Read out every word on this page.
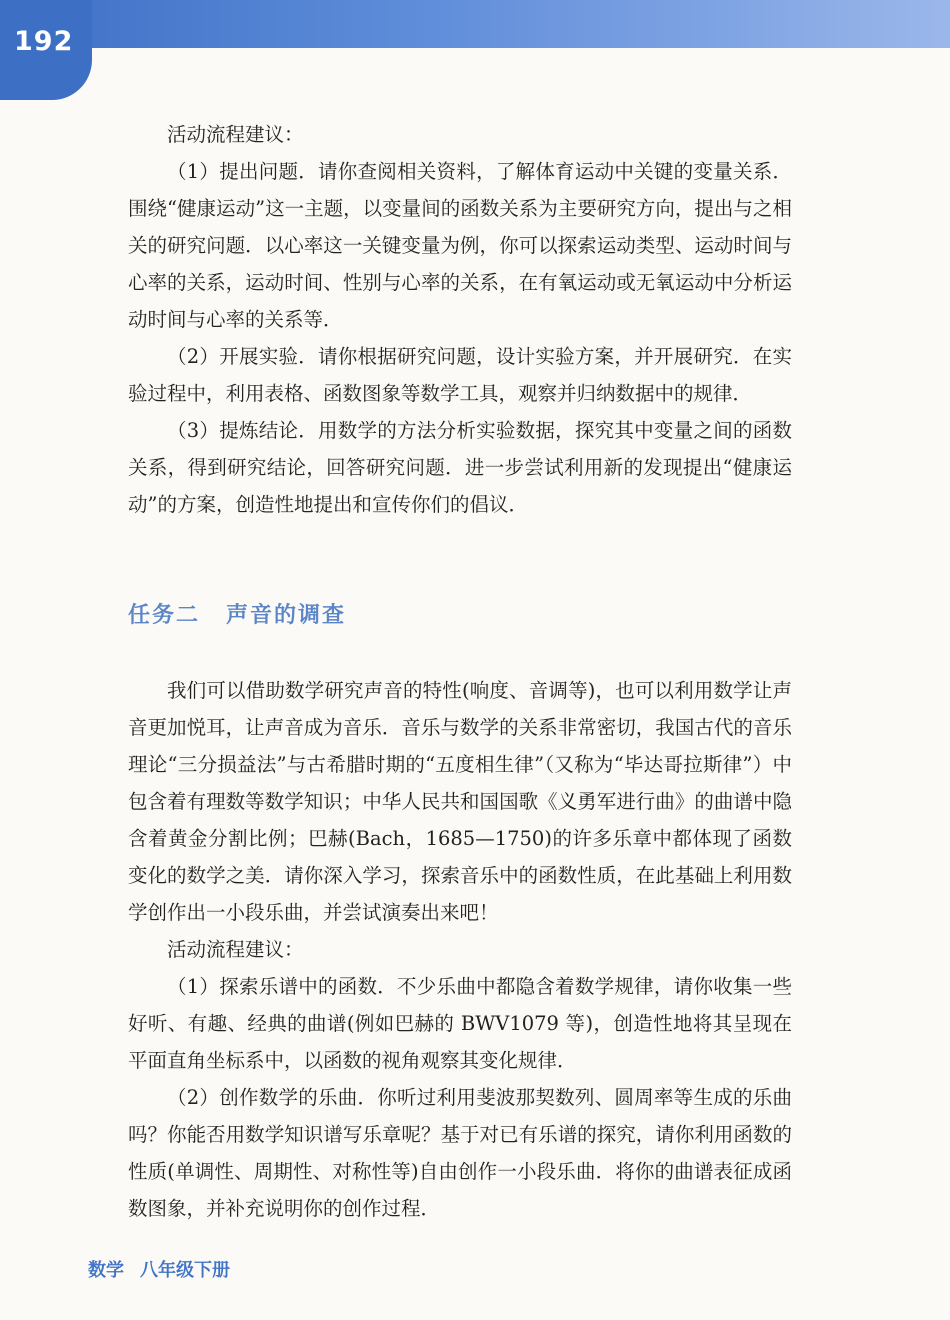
192

活动流程建议：

（1）提出问题．请你查阅相关资料，了解体育运动中关键的变量关系．围绕“健康运动”这一主题，以变量间的函数关系为主要研究方向，提出与之相关的研究问题．以心率这一关键变量为例，你可以探索运动类型、运动时间与心率的关系，运动时间、性别与心率的关系，在有氧运动或无氧运动中分析运动时间与心率的关系等．

（2）开展实验．请你根据研究问题，设计实验方案，并开展研究．在实验过程中，利用表格、函数图象等数学工具，观察并归纳数据中的规律．

（3）提炼结论．用数学的方法分析实验数据，探究其中变量之间的函数关系，得到研究结论，回答研究问题．进一步尝试利用新的发现提出“健康运动”的方案，创造性地提出和宣传你们的倡议．

任务二 声音的调查

我们可以借助数学研究声音的特性(响度、音调等)，也可以利用数学让声音更加悦耳，让声音成为音乐．音乐与数学的关系非常密切，我国古代的音乐理论“三分损益法”与古希腊时期的“五度相生律”（又称为“毕达哥拉斯律”）中包含着有理数等数学知识；中华人民共和国国歌《义勇军进行曲》的曲谱中隐含着黄金分割比例；巴赫(Bach，1685—1750)的许多乐章中都体现了函数变化的数学之美．请你深入学习，探索音乐中的函数性质，在此基础上利用数学创作出一小段乐曲，并尝试演奏出来吧！

活动流程建议：

（1）探索乐谱中的函数．不少乐曲中都隐含着数学规律，请你收集一些好听、有趣、经典的曲谱(例如巴赫的 BWV1079 等)，创造性地将其呈现在平面直角坐标系中，以函数的视角观察其变化规律．

（2）创作数学的乐曲．你听过利用斐波那契数列、圆周率等生成的乐曲吗？你能否用数学知识谱写乐章呢？基于对已有乐谱的探究，请你利用函数的性质(单调性、周期性、对称性等)自由创作一小段乐曲．将你的曲谱表征成函数图象，并补充说明你的创作过程．

数学 八年级下册
